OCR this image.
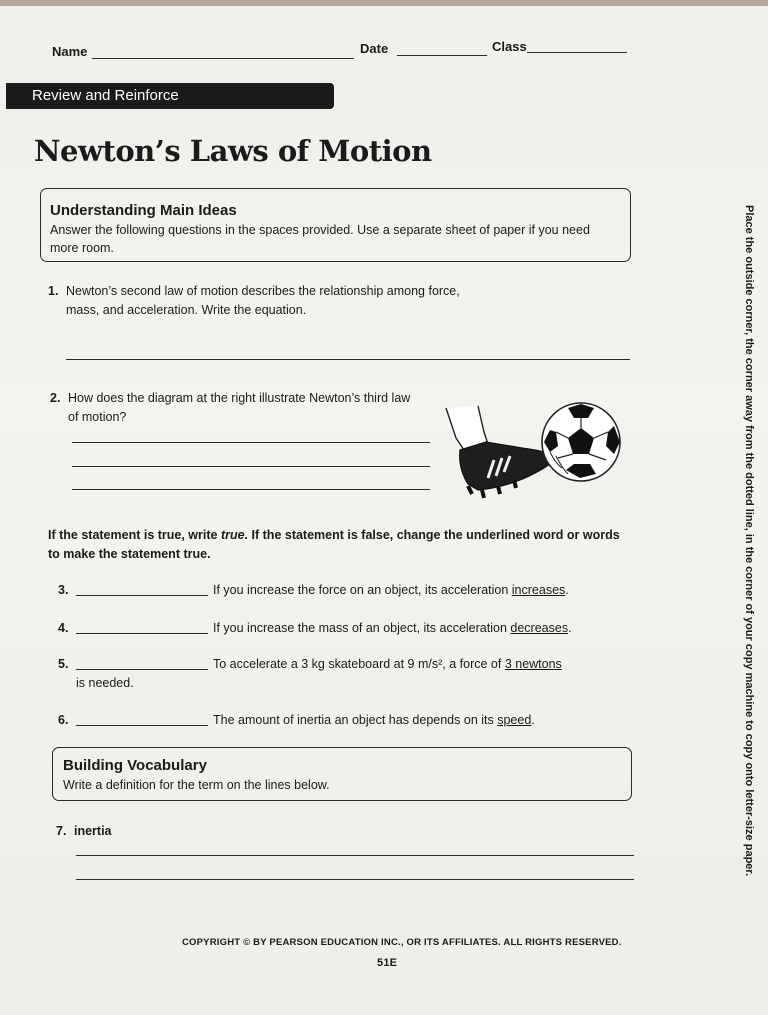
Name	Date	Class
Review and Reinforce
Newton’s Laws of Motion
Understanding Main Ideas
Answer the following questions in the spaces provided. Use a separate sheet of paper if you need more room.
1. Newton’s second law of motion describes the relationship among force, mass, and acceleration. Write the equation.
2. How does the diagram at the right illustrate Newton’s third law of motion?
If the statement is true, write true. If the statement is false, change the underlined word or words to make the statement true.
3.	If you increase the force on an object, its acceleration increases.
4.	If you increase the mass of an object, its acceleration decreases.
5.	To accelerate a 3 kg skateboard at 9 m/s², a force of 3 newtons
is needed.
6.	The amount of inertia an object has depends on its speed.
Building Vocabulary
Write a definition for the term on the lines below.
7. inertia
COPYRIGHT © BY PEARSON EDUCATION INC., OR ITS AFFILIATES. ALL RIGHTS RESERVED.
51E
Place the outside corner, the corner away from the dotted line, in the corner of your copy machine to copy onto letter-size paper.
